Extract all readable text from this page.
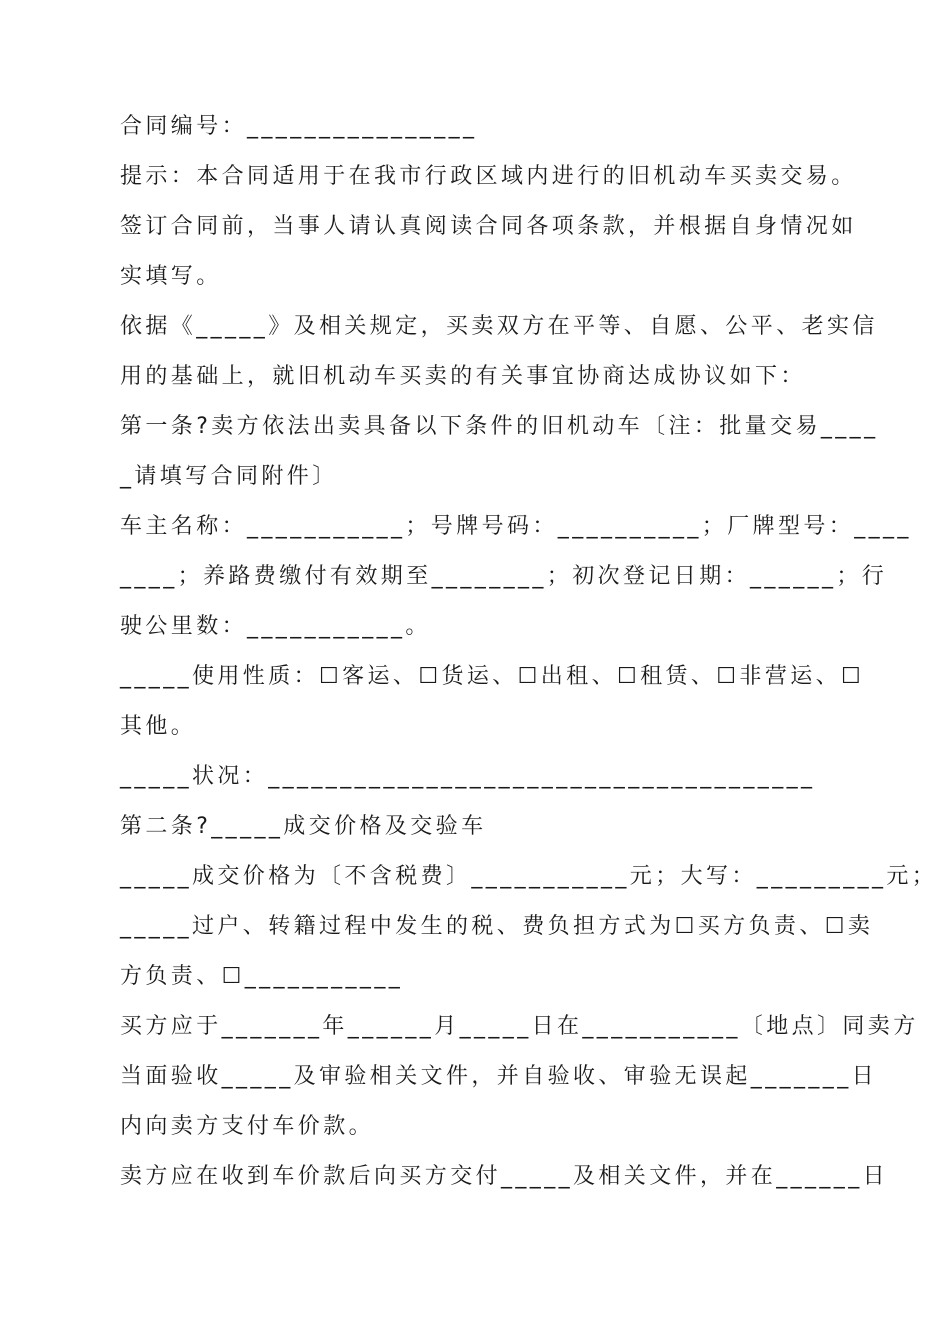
合同编号：________________
提示：本合同适用于在我市行政区域内进行的旧机动车买卖交易。
签订合同前，当事人请认真阅读合同各项条款，并根据自身情况如
实填写。
依据《_____》及相关规定，买卖双方在平等、自愿、公平、老实信
用的基础上，就旧机动车买卖的有关事宜协商达成协议如下：
第一条?卖方依法出卖具备以下条件的旧机动车〔注：批量交易____
_请填写合同附件〕
车主名称：___________；号牌号码：__________；厂牌型号：____
____；养路费缴付有效期至________；初次登记日期：______；行
驶公里数：___________。
_____使用性质：☐客运、☐货运、☐出租、☐租赁、☐非营运、☐
其他。
_____状况：______________________________________
第二条?_____成交价格及交验车
_____成交价格为〔不含税费〕___________元；大写：_________元；
_____过户、转籍过程中发生的税、费负担方式为☐买方负责、☐卖
方负责、☐___________
买方应于_______年______月_____日在___________〔地点〕同卖方
当面验收_____及审验相关文件，并自验收、审验无误起_______日
内向卖方支付车价款。
卖方应在收到车价款后向买方交付_____及相关文件，并在______日
